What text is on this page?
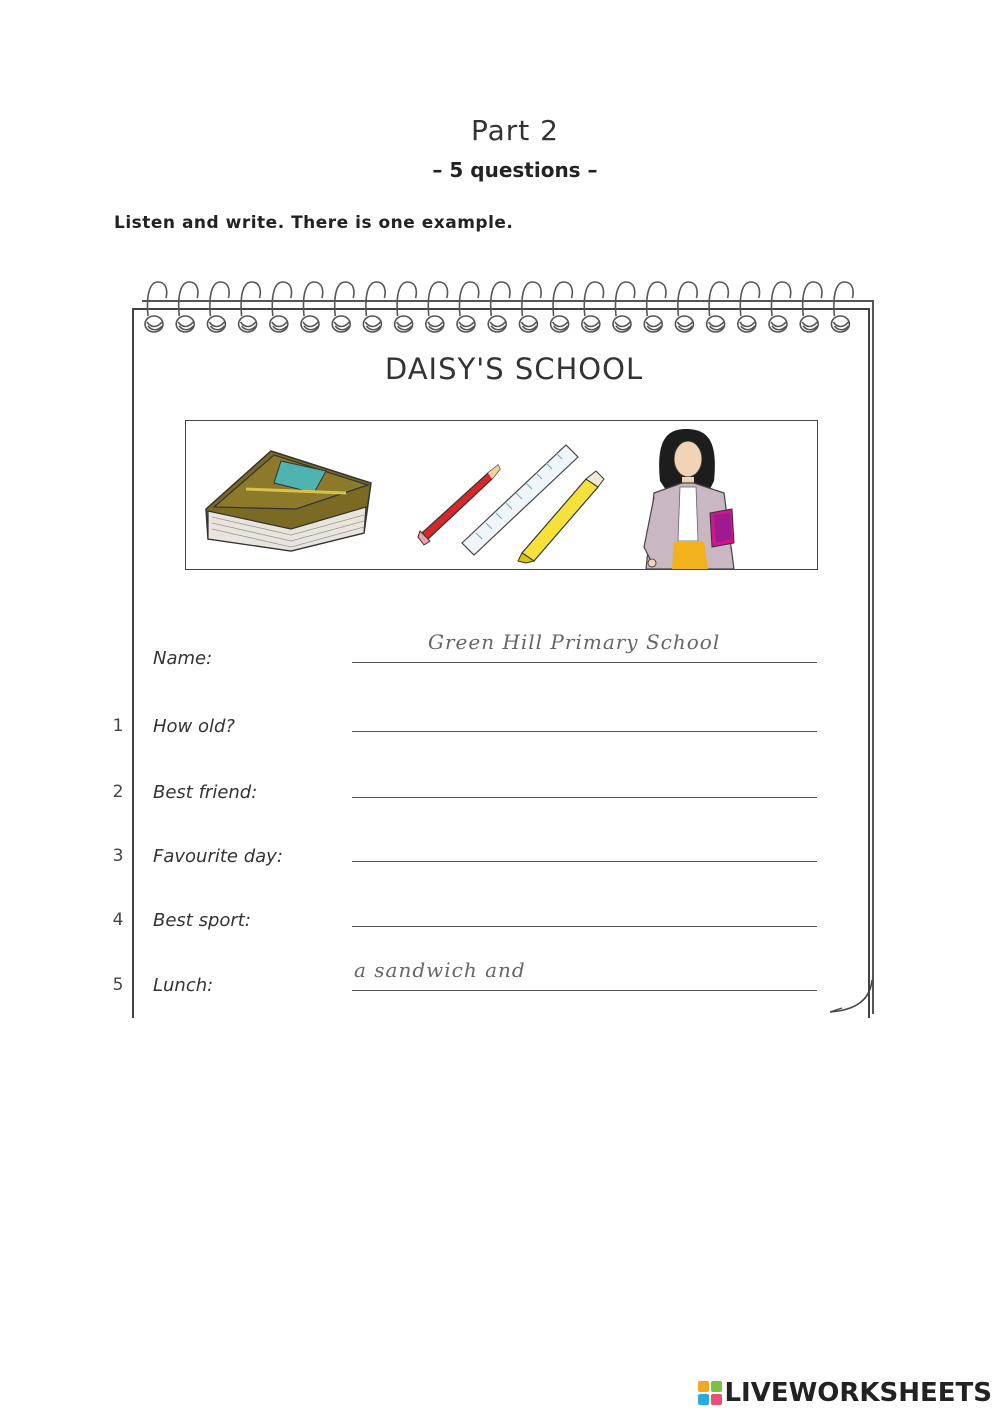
Part 2
– 5 questions –
Listen and write. There is one example.
DAISY'S SCHOOL
Name:
Green Hill Primary School
1 How old?
2 Best friend:
3 Favourite day:
4 Best sport:
5 Lunch:
a sandwich and
LIVEWORKSHEETS
